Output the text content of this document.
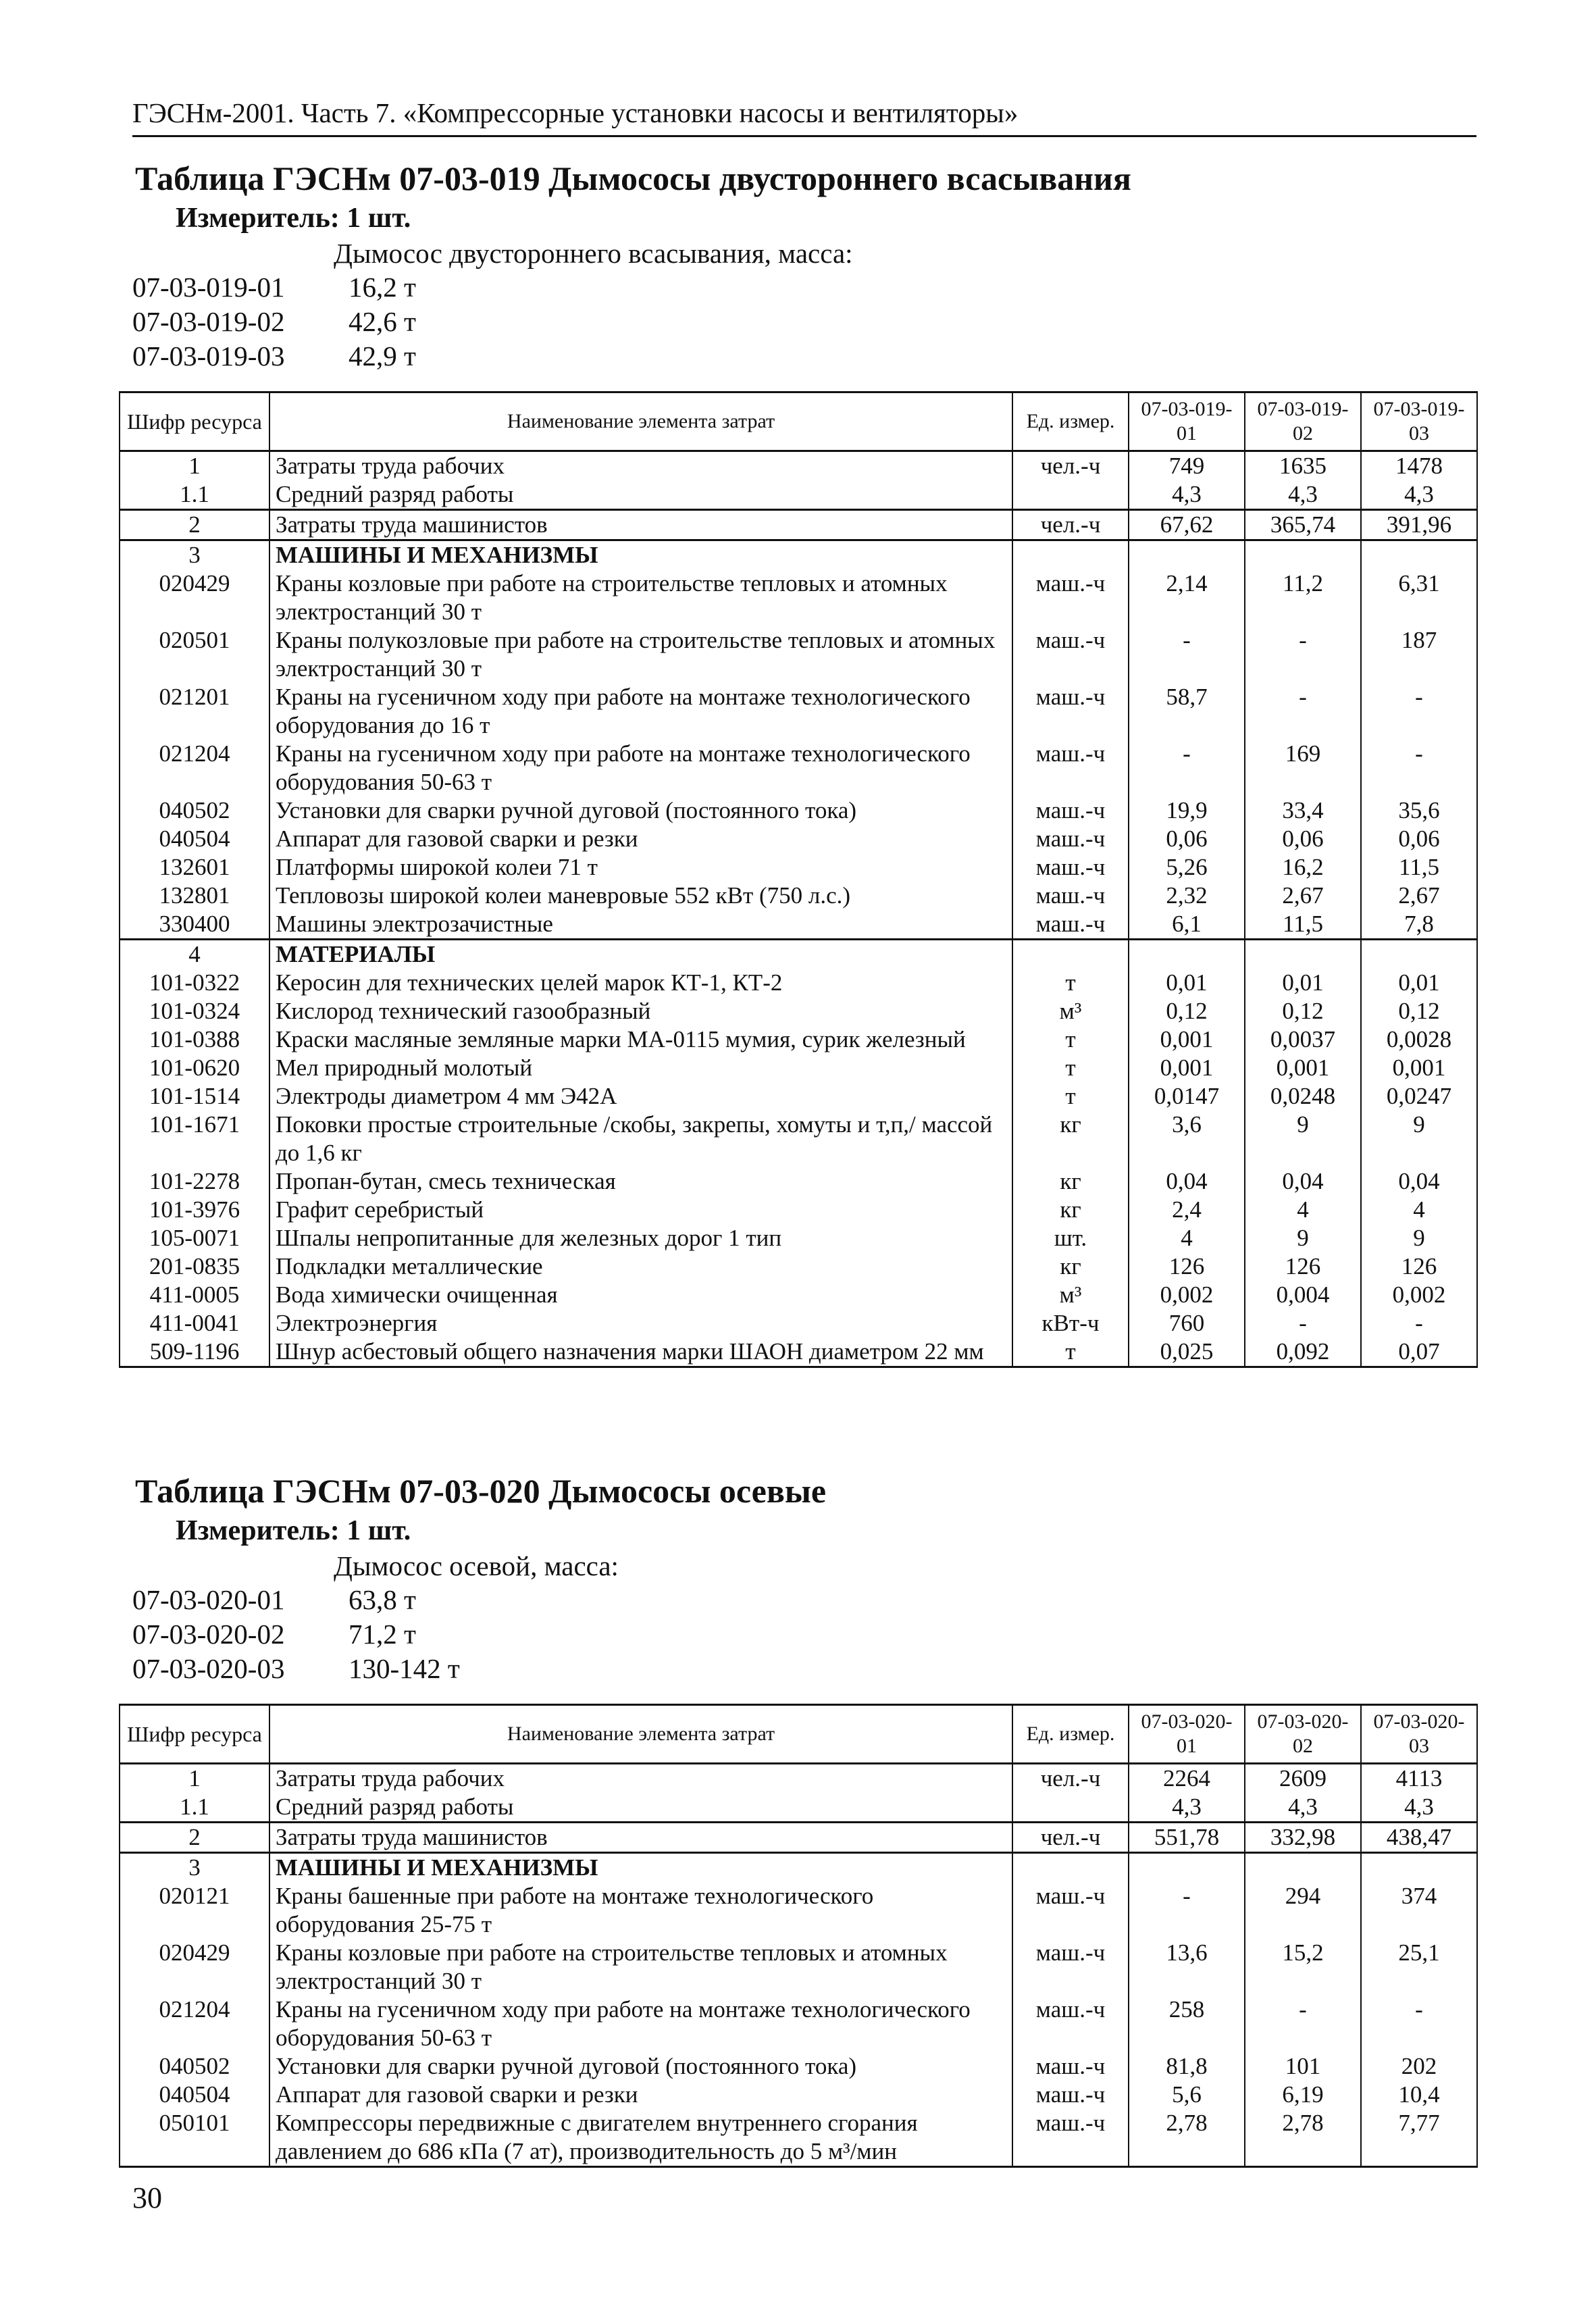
ГЭСНм-2001. Часть 7. «Компрессорные установки насосы и вентиляторы»
Таблица ГЭСНм 07-03-019 Дымососы двустороннего всасывания
Измеритель: 1 шт.
Дымосос двустороннего всасывания, масса:
07-03-019-01	16,2 т
07-03-019-02	42,6 т
07-03-019-03	42,9 т
Шифр ресурса	Наименование элемента затрат	Ед. измер.	07-03-019-01	07-03-019-02	07-03-019-03
1	Затраты труда рабочих	чел.-ч	749	1635	1478
1.1	Средний разряд работы		4,3	4,3	4,3
2	Затраты труда машинистов	чел.-ч	67,62	365,74	391,96
3	МАШИНЫ И МЕХАНИЗМЫ				
020429	Краны козловые при работе на строительстве тепловых и атомных электростанций 30 т	маш.-ч	2,14	11,2	6,31
020501	Краны полукозловые при работе на строительстве тепловых и атомных электростанций 30 т	маш.-ч	-	-	187
021201	Краны на гусеничном ходу при работе на монтаже технологического оборудования до 16 т	маш.-ч	58,7	-	-
021204	Краны на гусеничном ходу при работе на монтаже технологического оборудования 50-63 т	маш.-ч	-	169	-
040502	Установки для сварки ручной дуговой (постоянного тока)	маш.-ч	19,9	33,4	35,6
040504	Аппарат для газовой сварки и резки	маш.-ч	0,06	0,06	0,06
132601	Платформы широкой колеи 71 т	маш.-ч	5,26	16,2	11,5
132801	Тепловозы широкой колеи маневровые 552 кВт (750 л.с.)	маш.-ч	2,32	2,67	2,67
330400	Машины электрозачистные	маш.-ч	6,1	11,5	7,8
4	МАТЕРИАЛЫ				
101-0322	Керосин для технических целей марок КТ-1, КТ-2	т	0,01	0,01	0,01
101-0324	Кислород технический газообразный	м³	0,12	0,12	0,12
101-0388	Краски масляные земляные марки МА-0115 мумия, сурик железный	т	0,001	0,0037	0,0028
101-0620	Мел природный молотый	т	0,001	0,001	0,001
101-1514	Электроды диаметром 4 мм Э42А	т	0,0147	0,0248	0,0247
101-1671	Поковки простые строительные /скобы, закрепы, хомуты и т,п,/ массой до 1,6 кг	кг	3,6	9	9
101-2278	Пропан-бутан, смесь техническая	кг	0,04	0,04	0,04
101-3976	Графит серебристый	кг	2,4	4	4
105-0071	Шпалы непропитанные для железных дорог 1 тип	шт.	4	9	9
201-0835	Подкладки металлические	кг	126	126	126
411-0005	Вода химически очищенная	м³	0,002	0,004	0,002
411-0041	Электроэнергия	кВт-ч	760	-	-
509-1196	Шнур асбестовый общего назначения марки ШАОН диаметром 22 мм	т	0,025	0,092	0,07
Таблица ГЭСНм 07-03-020 Дымососы осевые
Измеритель: 1 шт.
Дымосос осевой, масса:
07-03-020-01	63,8 т
07-03-020-02	71,2 т
07-03-020-03	130-142 т
Шифр ресурса	Наименование элемента затрат	Ед. измер.	07-03-020-01	07-03-020-02	07-03-020-03
1	Затраты труда рабочих	чел.-ч	2264	2609	4113
1.1	Средний разряд работы		4,3	4,3	4,3
2	Затраты труда машинистов	чел.-ч	551,78	332,98	438,47
3	МАШИНЫ И МЕХАНИЗМЫ				
020121	Краны башенные при работе на монтаже технологического оборудования 25-75 т	маш.-ч	-	294	374
020429	Краны козловые при работе на строительстве тепловых и атомных электростанций 30 т	маш.-ч	13,6	15,2	25,1
021204	Краны на гусеничном ходу при работе на монтаже технологического оборудования 50-63 т	маш.-ч	258	-	-
040502	Установки для сварки ручной дуговой (постоянного тока)	маш.-ч	81,8	101	202
040504	Аппарат для газовой сварки и резки	маш.-ч	5,6	6,19	10,4
050101	Компрессоры передвижные с двигателем внутреннего сгорания давлением до 686 кПа (7 ат), производительность до 5 м³/мин	маш.-ч	2,78	2,78	7,77
30
